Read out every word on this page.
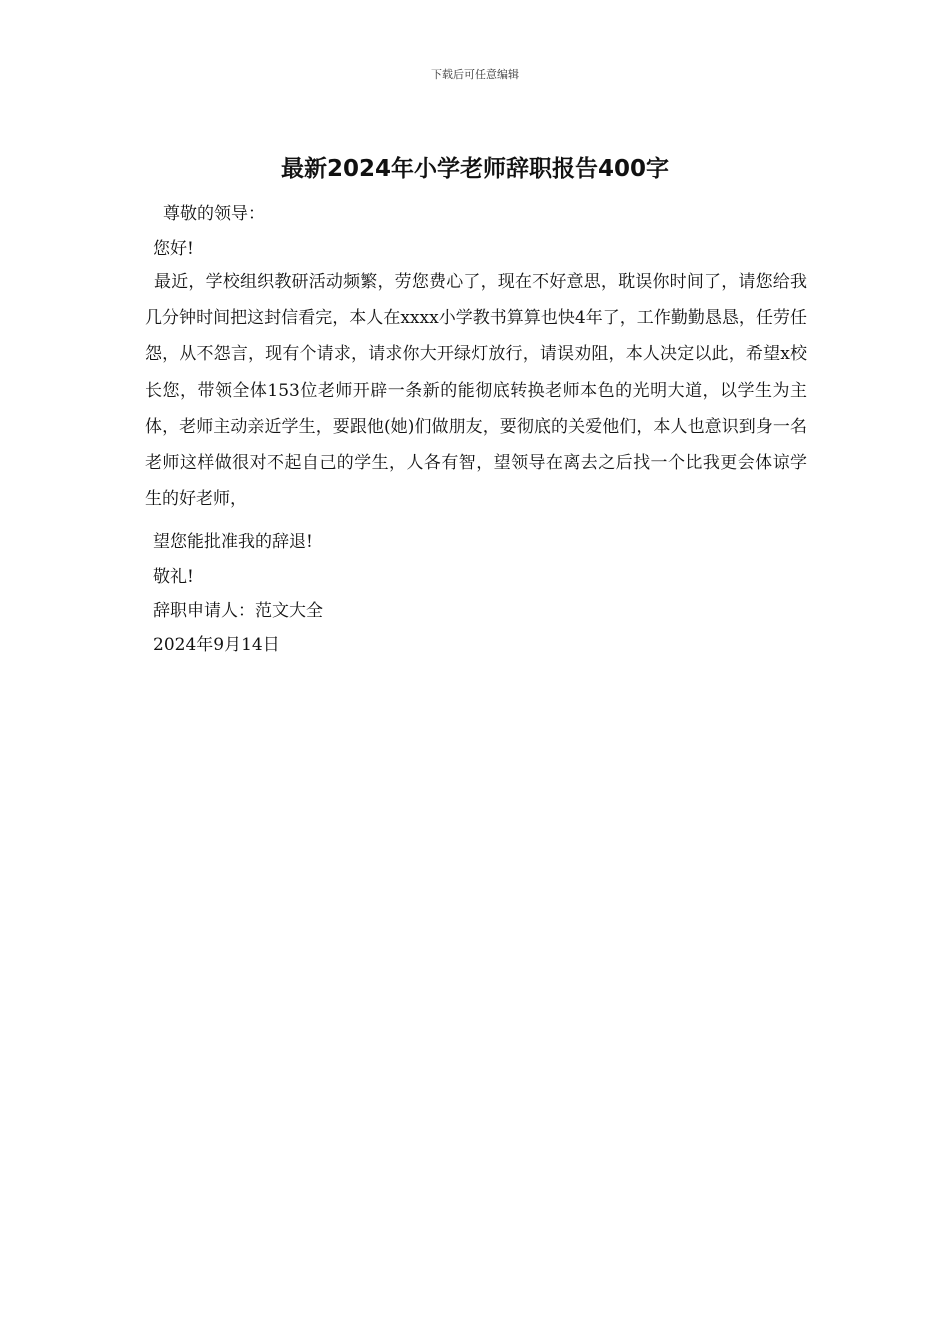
下载后可任意编辑
最新2024年小学老师辞职报告400字
尊敬的领导：
您好!
最近，学校组织教研活动频繁，劳您费心了，现在不好意思，耽误你时间了，请您给我几分钟时间把这封信看完，本人在xxxx小学教书算算也快4年了，工作勤勤恳恳，任劳任怨，从不怨言，现有个请求，请求你大开绿灯放行，请误劝阻，本人决定以此，希望x校长您，带领全体153位老师开辟一条新的能彻底转换老师本色的光明大道，以学生为主体，老师主动亲近学生，要跟他(她)们做朋友，要彻底的关爱他们，本人也意识到身一名老师这样做很对不起自己的学生，人各有智，望领导在离去之后找一个比我更会体谅学生的好老师，
望您能批准我的辞退!
敬礼!
辞职申请人：范文大全
2024年9月14日
